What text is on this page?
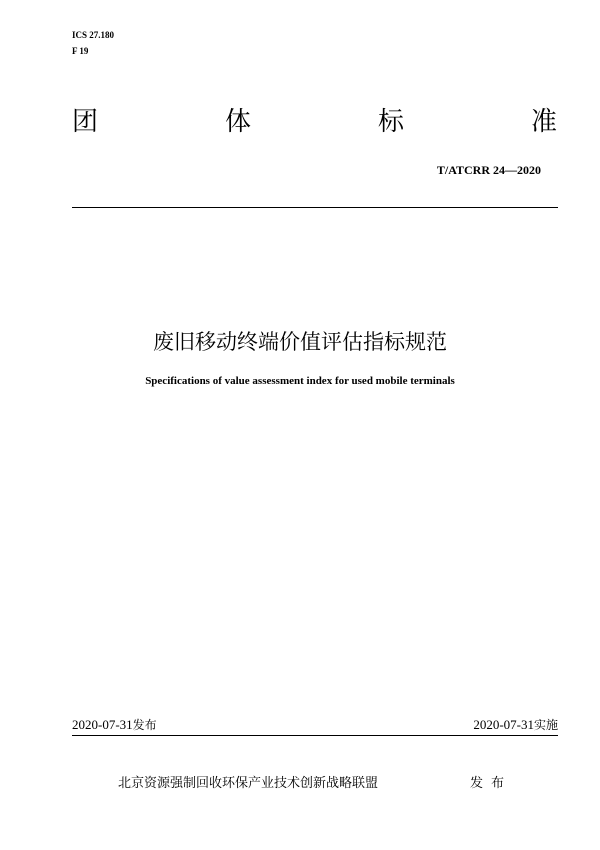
ICS 27.180
F 19
团	体	标	准
T/ATCRR 24—2020
废旧移动终端价值评估指标规范
Specifications of value assessment index for used mobile terminals
2020-07-31发布	2020-07-31实施
北京资源强制回收环保产业技术创新战略联盟	发布
